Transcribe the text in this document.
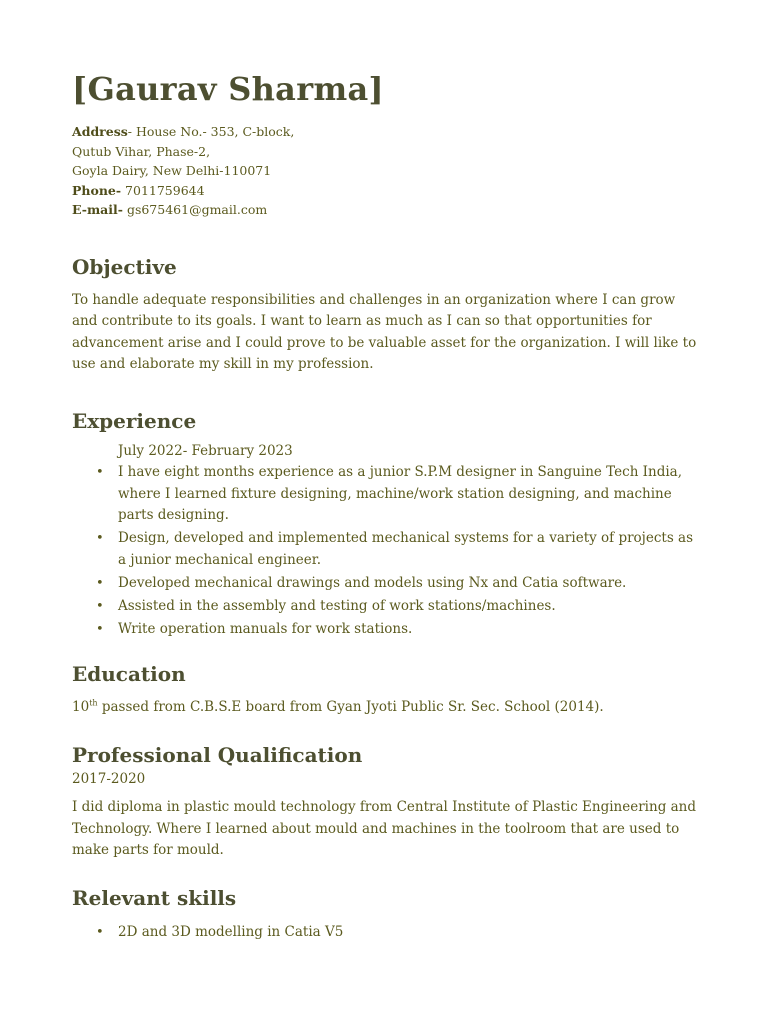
[Gaurav Sharma]
Address- House No.- 353, C-block,
Qutub Vihar, Phase-2,
Goyla Dairy, New Delhi-110071
Phone- 7011759644
E-mail- gs675461@gmail.com
Objective

To handle adequate responsibilities and challenges in an organization where I can grow and contribute to its goals. I want to learn as much as I can so that opportunities for advancement arise and I could prove to be valuable asset for the organization. I will like to use and elaborate my skill in my profession.

Experience
July 2022- February 2023
• I have eight months experience as a junior S.P.M designer in Sanguine Tech India, where I learned fixture designing, machine/work station designing, and machine parts designing.
• Design, developed and implemented mechanical systems for a variety of projects as a junior mechanical engineer.
• Developed mechanical drawings and models using Nx and Catia software.
• Assisted in the assembly and testing of work stations/machines.
• Write operation manuals for work stations.
Education

10th passed from C.B.S.E board from Gyan Jyoti Public Sr. Sec. School (2014).

Professional Qualification
2017-2020

I did diploma in plastic mould technology from Central Institute of Plastic Engineering and Technology. Where I learned about mould and machines in the toolroom that are used to make parts for mould.

Relevant skills
• 2D and 3D modelling in Catia V5
